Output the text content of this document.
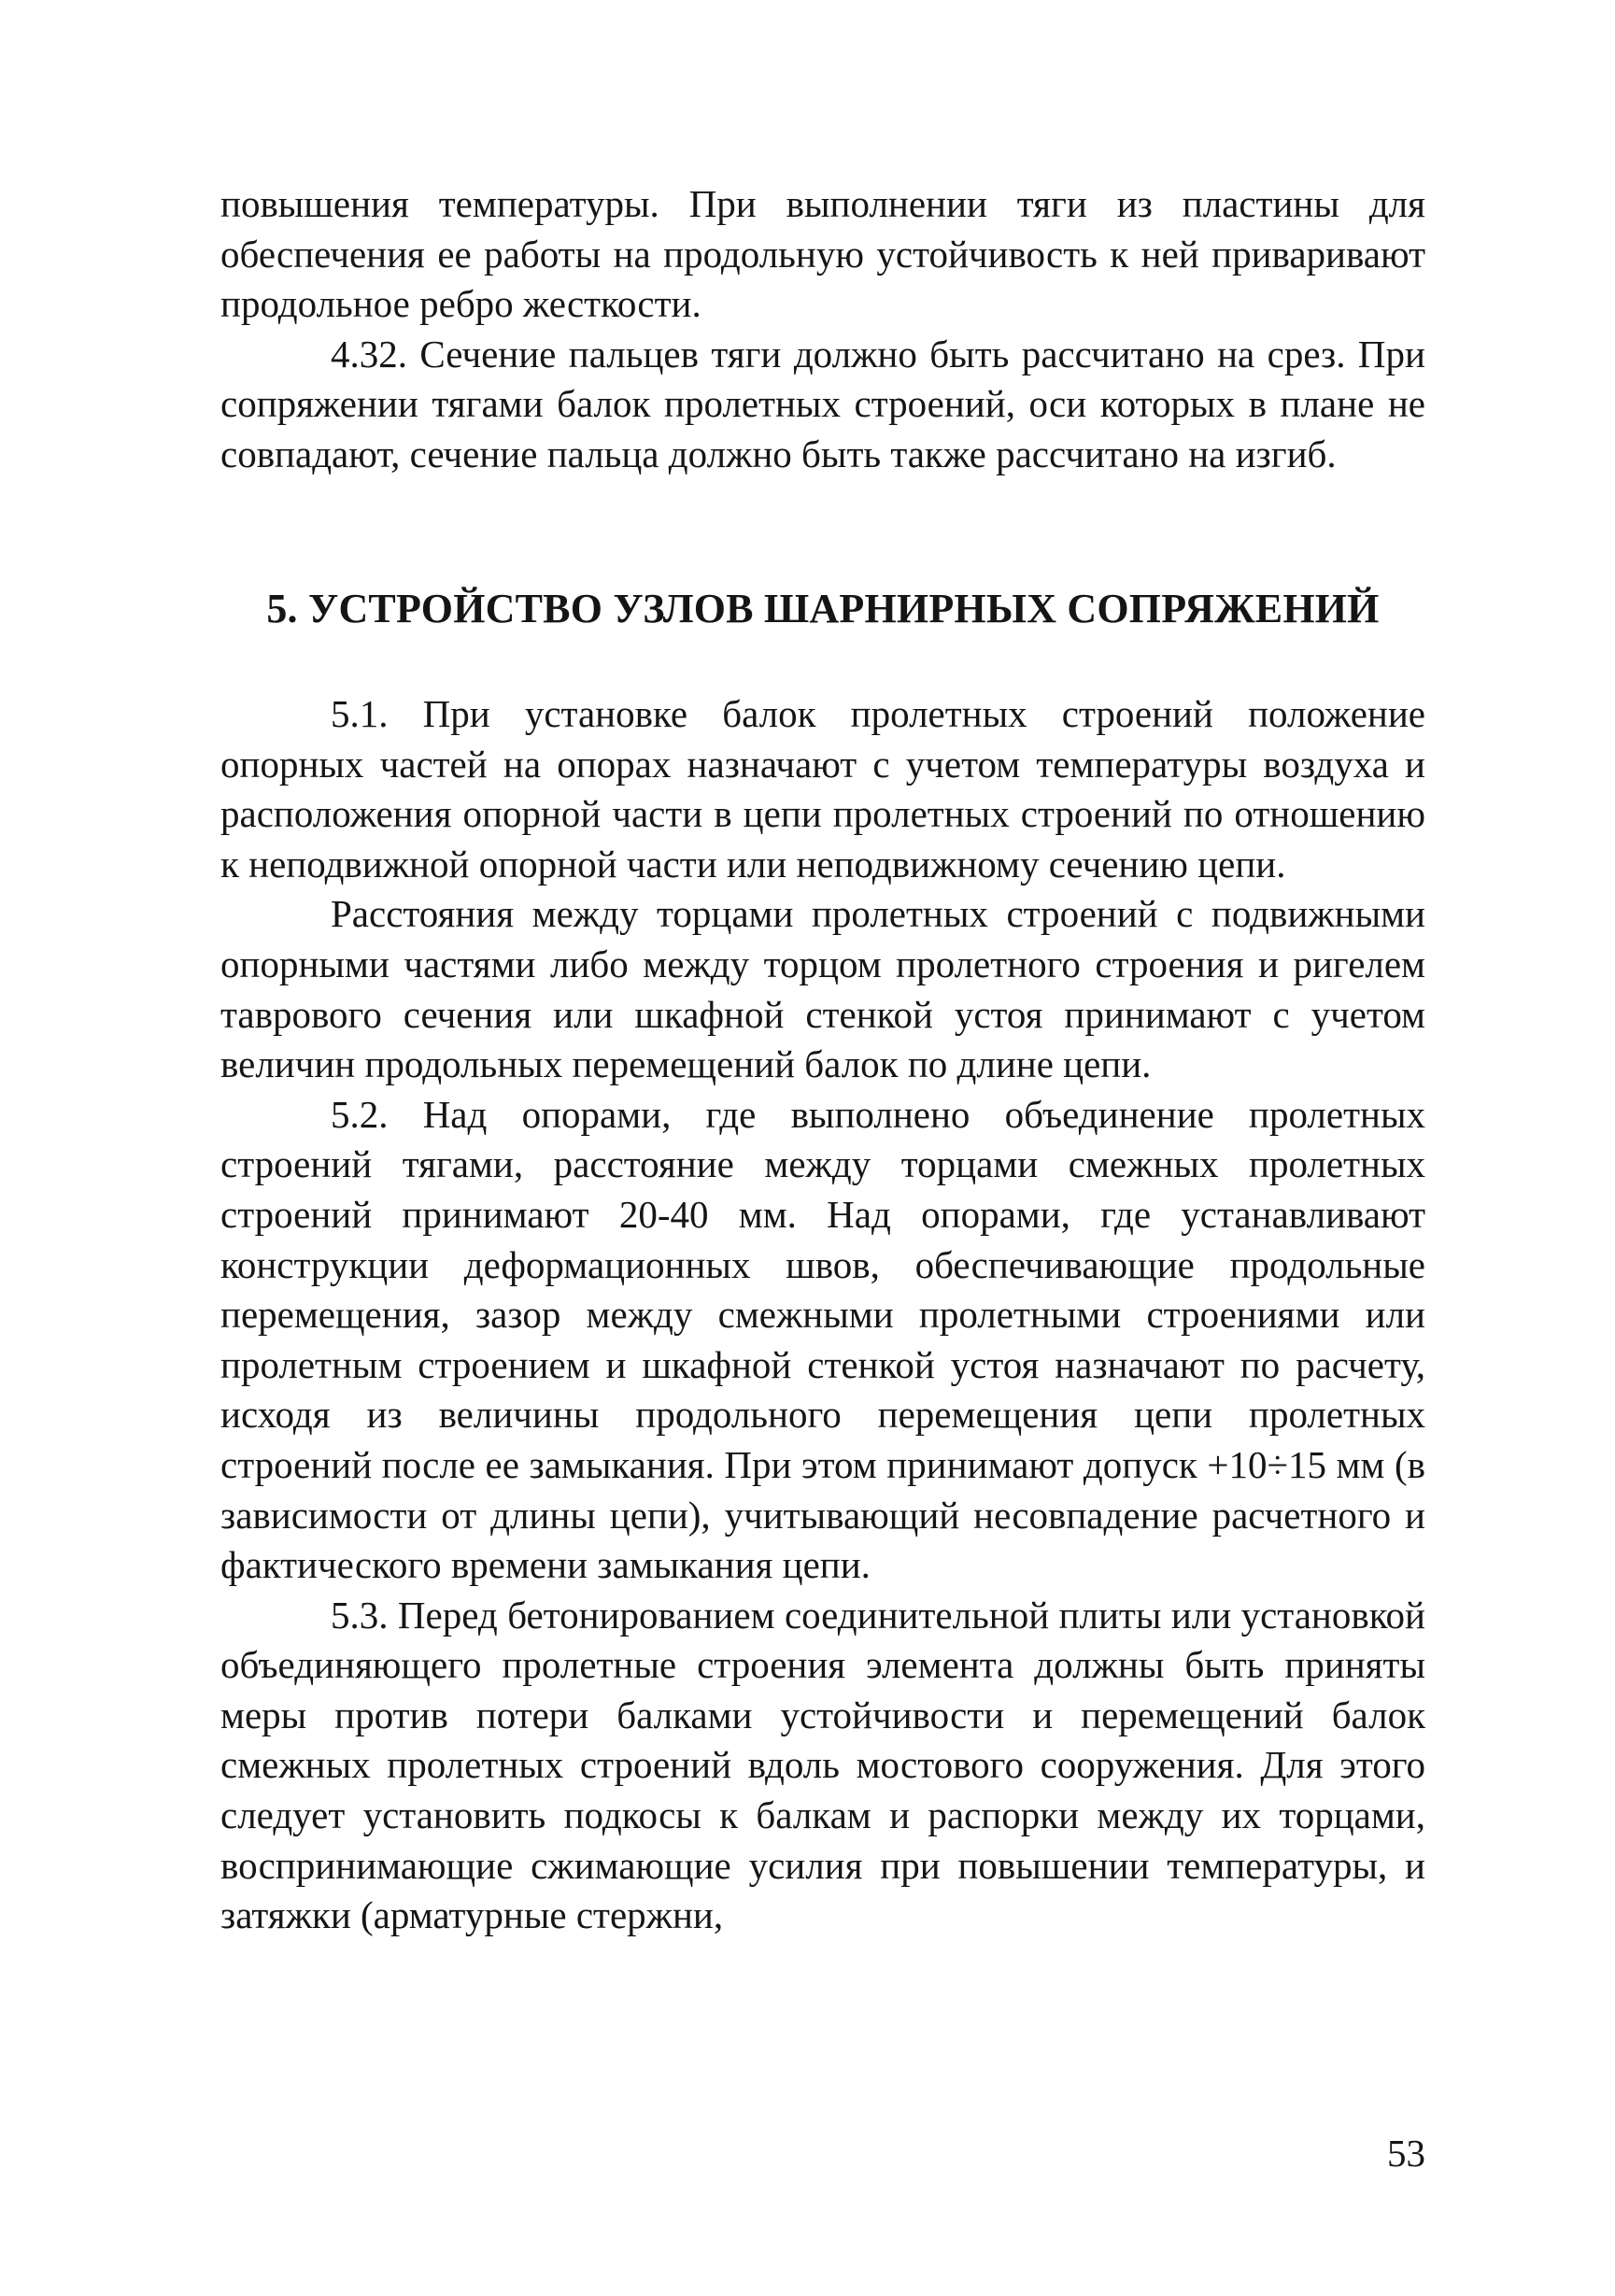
повышения температуры. При выполнении тяги из пластины для обеспечения ее работы на продольную устойчивость к ней приваривают продольное ребро жесткости.

4.32. Сечение пальцев тяги должно быть рассчитано на срез. При сопряжении тягами балок пролетных строений, оси которых в плане не совпадают, сечение пальца должно быть также рассчитано на изгиб.

5. УСТРОЙСТВО УЗЛОВ ШАРНИРНЫХ СОПРЯЖЕНИЙ

5.1. При установке балок пролетных строений положение опорных частей на опорах назначают с учетом температуры воздуха и расположения опорной части в цепи пролетных строений по отношению к неподвижной опорной части или неподвижному сечению цепи.

Расстояния между торцами пролетных строений с подвижными опорными частями либо между торцом пролетного строения и ригелем таврового сечения или шкафной стенкой устоя принимают с учетом величин продольных перемещений балок по длине цепи.

5.2. Над опорами, где выполнено объединение пролетных строений тягами, расстояние между торцами смежных пролетных строений принимают 20-40 мм. Над опорами, где устанавливают конструкции деформационных швов, обеспечивающие продольные перемещения, зазор между смежными пролетными строениями или пролетным строением и шкафной стенкой устоя назначают по расчету, исходя из величины продольного перемещения цепи пролетных строений после ее замыкания. При этом принимают допуск +10÷15 мм (в зависимости от длины цепи), учитывающий несовпадение расчетного и фактического времени замыкания цепи.

5.3. Перед бетонированием соединительной плиты или установкой объединяющего пролетные строения элемента должны быть приняты меры против потери балками устойчивости и перемещений балок смежных пролетных строений вдоль мостового сооружения. Для этого следует установить подкосы к балкам и распорки между их торцами, воспринимающие сжимающие усилия при повышении температуры, и затяжки (арматурные стержни,

53
